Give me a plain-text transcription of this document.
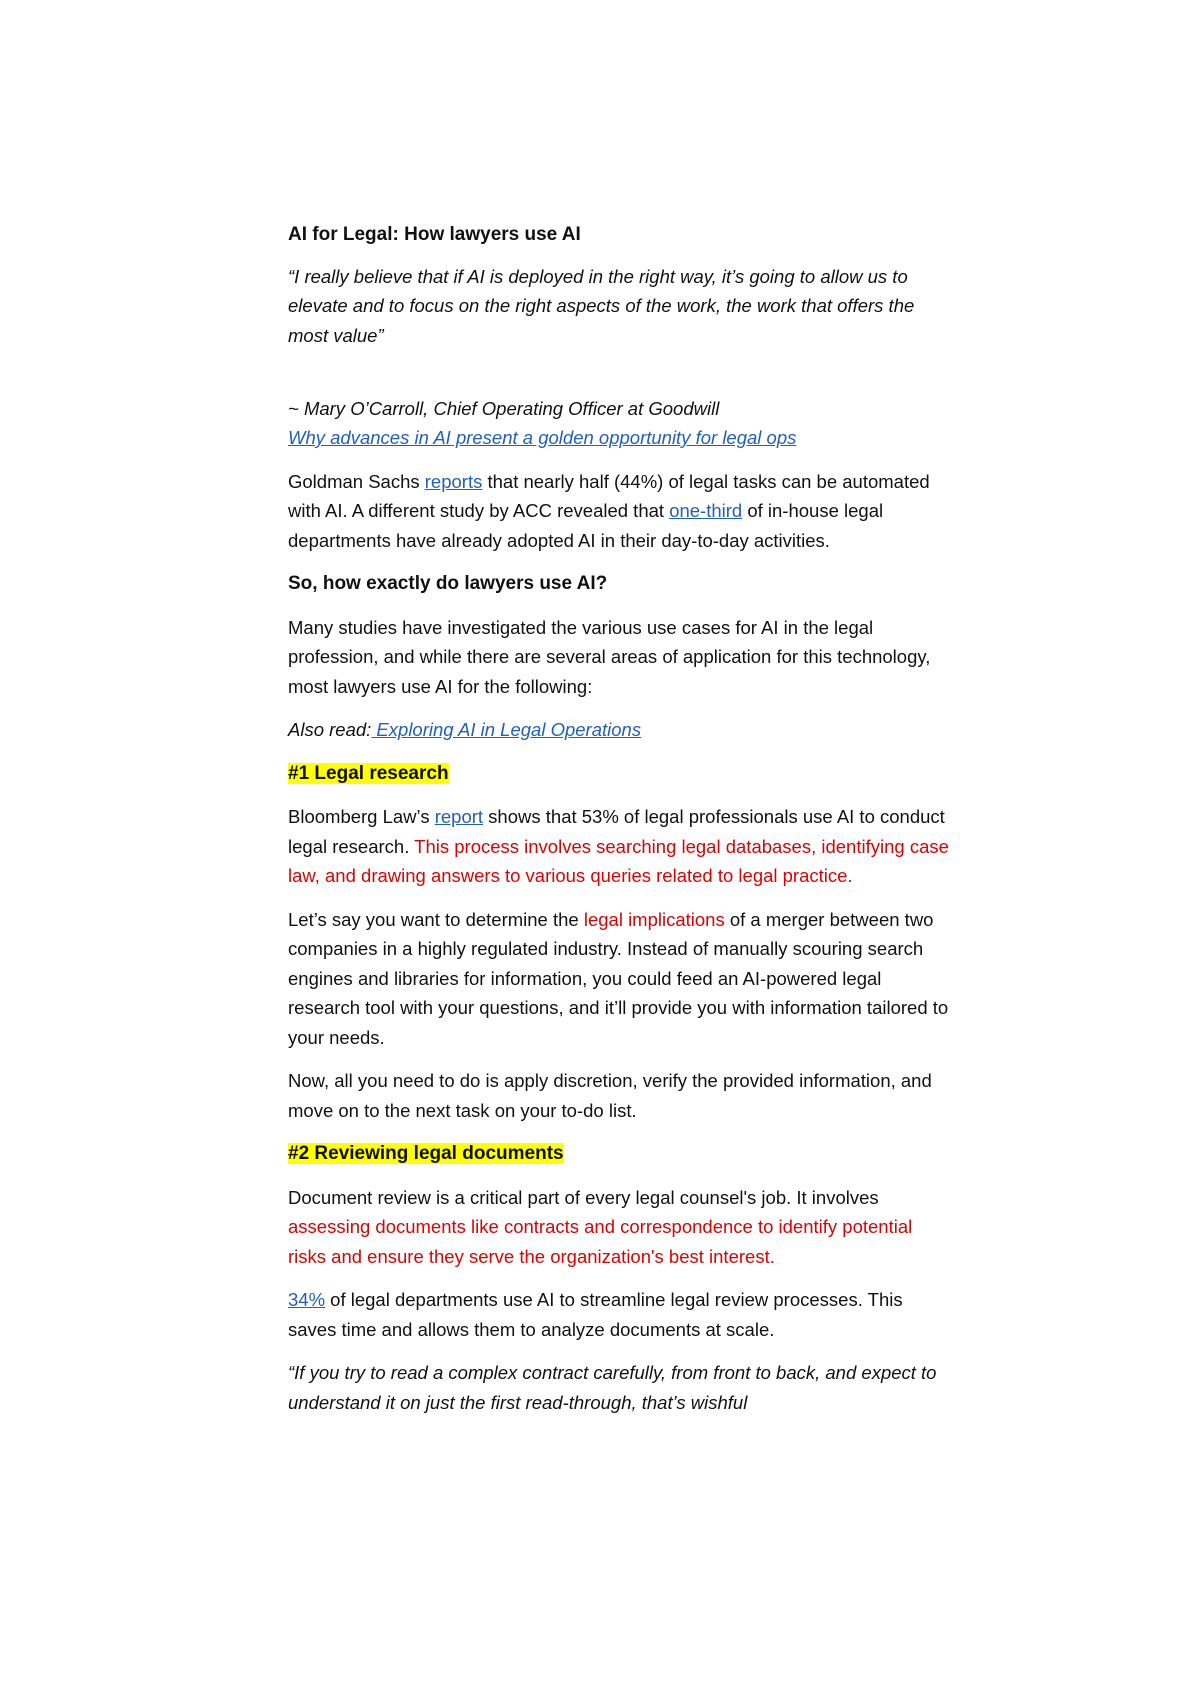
AI for Legal: How lawyers use AI

“I really believe that if AI is deployed in the right way, it’s going to allow us to elevate and to focus on the right aspects of the work, the work that offers the most value”

~ Mary O’Carroll, Chief Operating Officer at Goodwill
Why advances in AI present a golden opportunity for legal ops

Goldman Sachs reports that nearly half (44%) of legal tasks can be automated with AI. A different study by ACC revealed that one-third of in-house legal departments have already adopted AI in their day-to-day activities.

So, how exactly do lawyers use AI?

Many studies have investigated the various use cases for AI in the legal profession, and while there are several areas of application for this technology, most lawyers use AI for the following:

Also read: Exploring AI in Legal Operations

#1 Legal research

Bloomberg Law’s report shows that 53% of legal professionals use AI to conduct legal research. This process involves searching legal databases, identifying case law, and drawing answers to various queries related to legal practice.

Let’s say you want to determine the legal implications of a merger between two companies in a highly regulated industry. Instead of manually scouring search engines and libraries for information, you could feed an AI-powered legal research tool with your questions, and it’ll provide you with information tailored to your needs.

Now, all you need to do is apply discretion, verify the provided information, and move on to the next task on your to-do list.

#2 Reviewing legal documents

Document review is a critical part of every legal counsel's job. It involves assessing documents like contracts and correspondence to identify potential risks and ensure they serve the organization's best interest.

34% of legal departments use AI to streamline legal review processes. This saves time and allows them to analyze documents at scale.

“If you try to read a complex contract carefully, from front to back, and expect to understand it on just the first read-through, that’s wishful
